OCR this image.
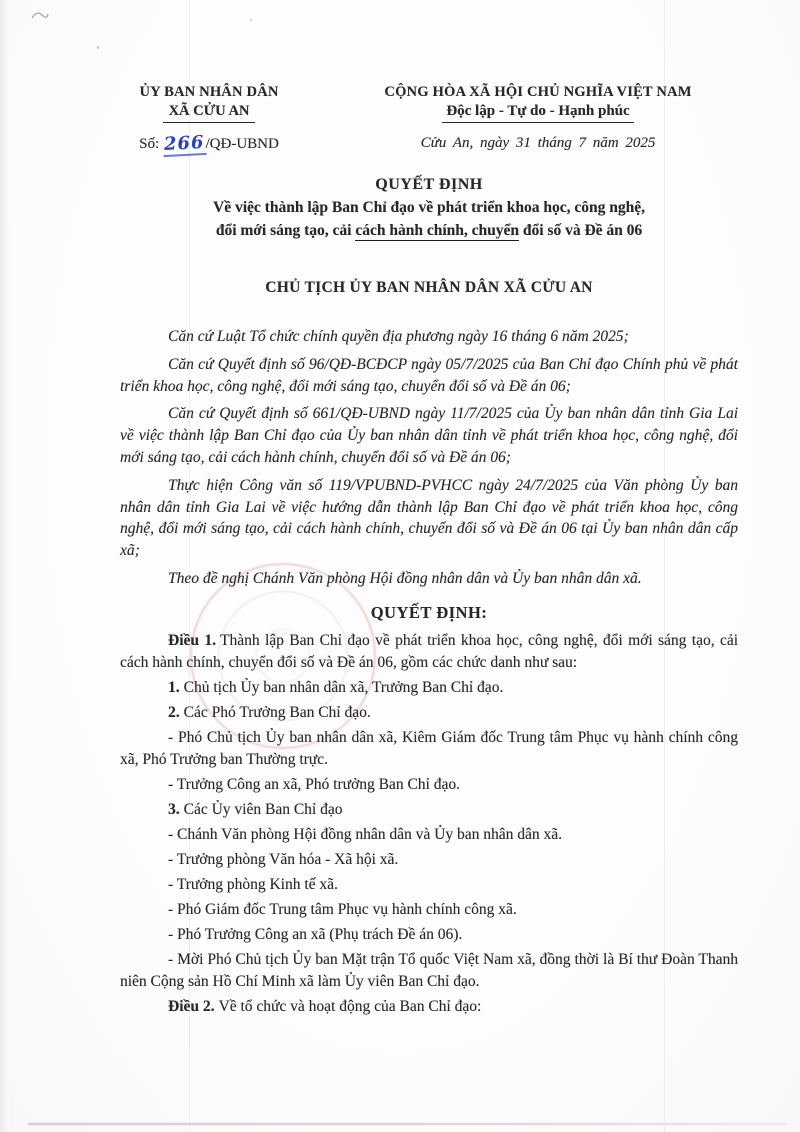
ỦY BAN NHÂN DÂN
XÃ CỬU AN
Số: 266/QĐ-UBND
CỘNG HÒA XÃ HỘI CHỦ NGHĨA VIỆT NAM
Độc lập - Tự do - Hạnh phúc
Cửu An, ngày 31 tháng 7 năm 2025
QUYẾT ĐỊNH
Về việc thành lập Ban Chỉ đạo về phát triển khoa học, công nghệ,
đổi mới sáng tạo, cải cách hành chính, chuyển đổi số và Đề án 06
CHỦ TỊCH ỦY BAN NHÂN DÂN XÃ CỬU AN

Căn cứ Luật Tổ chức chính quyền địa phương ngày 16 tháng 6 năm 2025;

Căn cứ Quyết định số 96/QĐ-BCĐCP ngày 05/7/2025 của Ban Chỉ đạo Chính phủ về phát triển khoa học, công nghệ, đổi mới sáng tạo, chuyển đổi số và Đề án 06;

Căn cứ Quyết định số 661/QĐ-UBND ngày 11/7/2025 của Ủy ban nhân dân tỉnh Gia Lai về việc thành lập Ban Chỉ đạo của Ủy ban nhân dân tỉnh về phát triển khoa học, công nghệ, đổi mới sáng tạo, cải cách hành chính, chuyển đổi số và Đề án 06;

Thực hiện Công văn số 119/VPUBND-PVHCC ngày 24/7/2025 của Văn phòng Ủy ban nhân dân tỉnh Gia Lai về việc hướng dẫn thành lập Ban Chỉ đạo về phát triển khoa học, công nghệ, đổi mới sáng tạo, cải cách hành chính, chuyển đổi số và Đề án 06 tại Ủy ban nhân dân cấp xã;

Theo đề nghị Chánh Văn phòng Hội đồng nhân dân và Ủy ban nhân dân xã.

QUYẾT ĐỊNH:

Điều 1. Thành lập Ban Chỉ đạo về phát triển khoa học, công nghệ, đổi mới sáng tạo, cải cách hành chính, chuyển đổi số và Đề án 06, gồm các chức danh như sau:

1. Chủ tịch Ủy ban nhân dân xã, Trưởng Ban Chỉ đạo.

2. Các Phó Trưởng Ban Chỉ đạo.

- Phó Chủ tịch Ủy ban nhân dân xã, Kiêm Giám đốc Trung tâm Phục vụ hành chính công xã, Phó Trưởng ban Thường trực.

- Trưởng Công an xã, Phó trưởng Ban Chỉ đạo.

3. Các Ủy viên Ban Chỉ đạo

- Chánh Văn phòng Hội đồng nhân dân và Ủy ban nhân dân xã.

- Trưởng phòng Văn hóa - Xã hội xã.

- Trưởng phòng Kinh tế xã.

- Phó Giám đốc Trung tâm Phục vụ hành chính công xã.

- Phó Trưởng Công an xã (Phụ trách Đề án 06).

- Mời Phó Chủ tịch Ủy ban Mặt trận Tổ quốc Việt Nam xã, đồng thời là Bí thư Đoàn Thanh niên Cộng sản Hồ Chí Minh xã làm Ủy viên Ban Chỉ đạo.

Điều 2. Về tổ chức và hoạt động của Ban Chỉ đạo:
